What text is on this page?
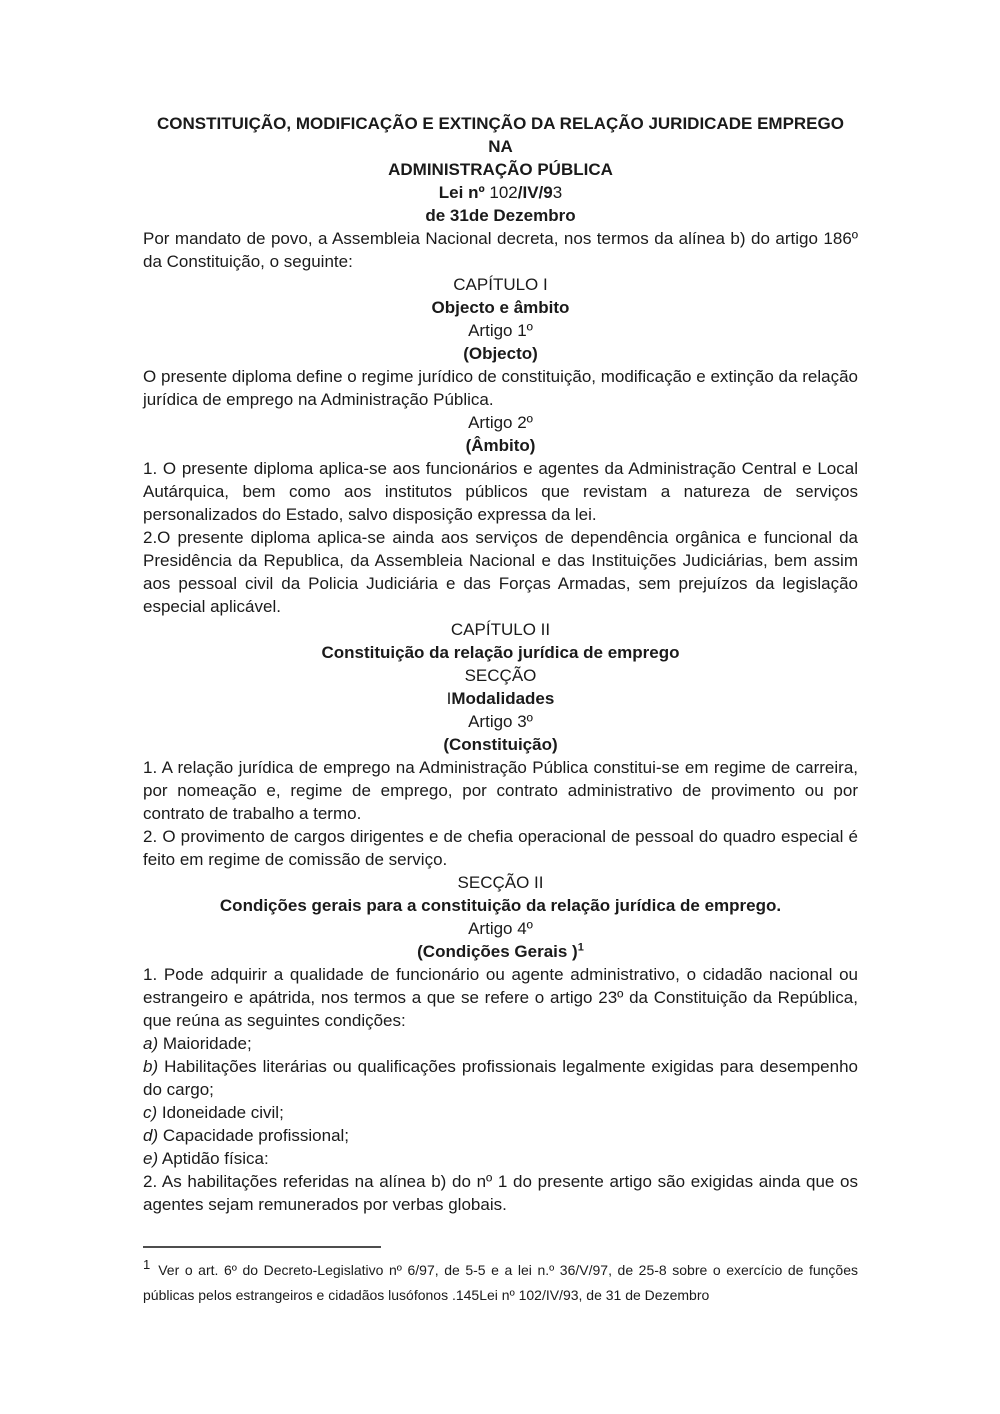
CONSTITUIÇÃO, MODIFICAÇÃO E EXTINÇÃO DA RELAÇÃO JURIDICADE EMPREGO NA

ADMINISTRAÇÃO PÚBLICA

Lei nº 102/IV/93

de 31de Dezembro

Por mandato de povo, a Assembleia Nacional decreta, nos termos da alínea b) do artigo 186º da Constituição, o seguinte:

CAPÍTULO I

Objecto e âmbito

Artigo 1º

(Objecto)

O presente diploma define o regime jurídico de constituição, modificação e extinção da relação jurídica de emprego na Administração Pública.

Artigo 2º

(Âmbito)

1. O presente diploma aplica-se aos funcionários e agentes da Administração Central e Local Autárquica, bem como aos institutos públicos que revistam a natureza de serviços personalizados do Estado, salvo disposição expressa da lei.

2.O presente diploma aplica-se ainda aos serviços de dependência orgânica e funcional da Presidência da Republica, da Assembleia Nacional e das Instituições Judiciárias, bem assim aos pessoal civil da Policia Judiciária e das Forças Armadas, sem prejuízos da legislação especial aplicável.

CAPÍTULO II

Constituição da relação jurídica de emprego

SECÇÃO

IModalidades

Artigo 3º

(Constituição)

1. A relação jurídica de emprego na Administração Pública constitui-se em regime de carreira, por nomeação e, regime de emprego, por contrato administrativo de provimento ou por contrato de trabalho a termo.

2. O provimento de cargos dirigentes e de chefia operacional de pessoal do quadro especial é feito em regime de comissão de serviço.

SECÇÃO II

Condições gerais para a constituição da relação jurídica de emprego.

Artigo 4º

(Condições Gerais )$^1$

1. Pode adquirir a qualidade de funcionário ou agente administrativo, o cidadão nacional ou estrangeiro e apátrida, nos termos a que se refere o artigo 23º da Constituição da República, que reúna as seguintes condições:

a) Maioridade;

b) Habilitações literárias ou qualificações profissionais legalmente exigidas para desempenho do cargo;

c) Idoneidade civil;

d) Capacidade profissional;

e) Aptidão física:

2. As habilitações referidas na alínea b) do nº 1 do presente artigo são exigidas ainda que os agentes sejam remunerados por verbas globais.

$^1$ Ver o art. 6º do Decreto-Legislativo nº 6/97, de 5-5 e a lei n.º 36/V/97, de 25-8 sobre o exercício de funções públicas pelos estrangeiros e cidadãos lusófonos .145Lei nº 102/IV/93, de 31 de Dezembro
